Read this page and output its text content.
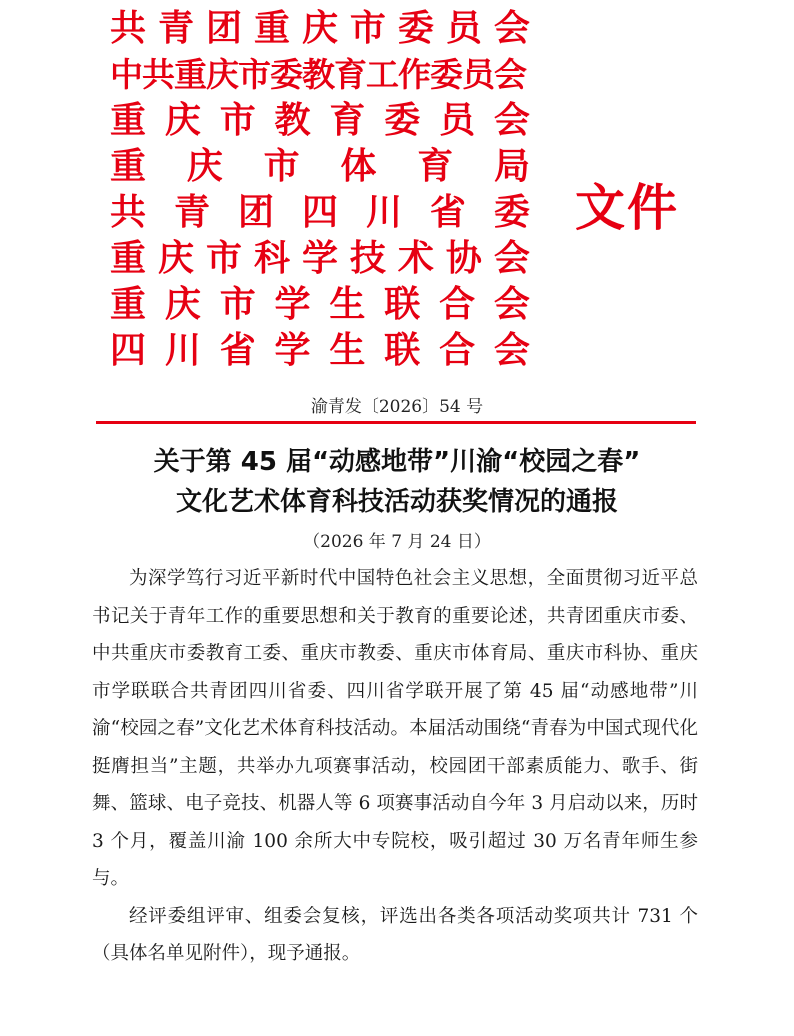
共 青 团 重 庆 市 委 员 会
中共重庆市委教育工作委员会
重 庆 市 教 育 委 员 会
重 庆 市 体 育 局
共 青 团 四 川 省 委
重 庆 市 科 学 技 术 协 会
重 庆 市 学 生 联 合 会
四 川 省 学 生 联 合 会
文件
渝青发〔2026〕54 号
关于第 45 届“动感地带”川渝“校园之春”
文化艺术体育科技活动获奖情况的通报
（2026 年 7 月 24 日）

为深学笃行习近平新时代中国特色社会主义思想，全面贯彻习近平总书记关于青年工作的重要思想和关于教育的重要论述，共青团重庆市委、中共重庆市委教育工委、重庆市教委、重庆市体育局、重庆市科协、重庆市学联联合共青团四川省委、四川省学联开展了第 45 届“动感地带”川渝“校园之春”文化艺术体育科技活动。本届活动围绕“青春为中国式现代化挺膺担当”主题，共举办九项赛事活动，校园团干部素质能力、歌手、街舞、篮球、电子竞技、机器人等 6 项赛事活动自今年 3 月启动以来，历时 3 个月，覆盖川渝 100 余所大中专院校，吸引超过 30 万名青年师生参与。

经评委组评审、组委会复核，评选出各类各项活动奖项共计 731 个（具体名单见附件），现予通报。
